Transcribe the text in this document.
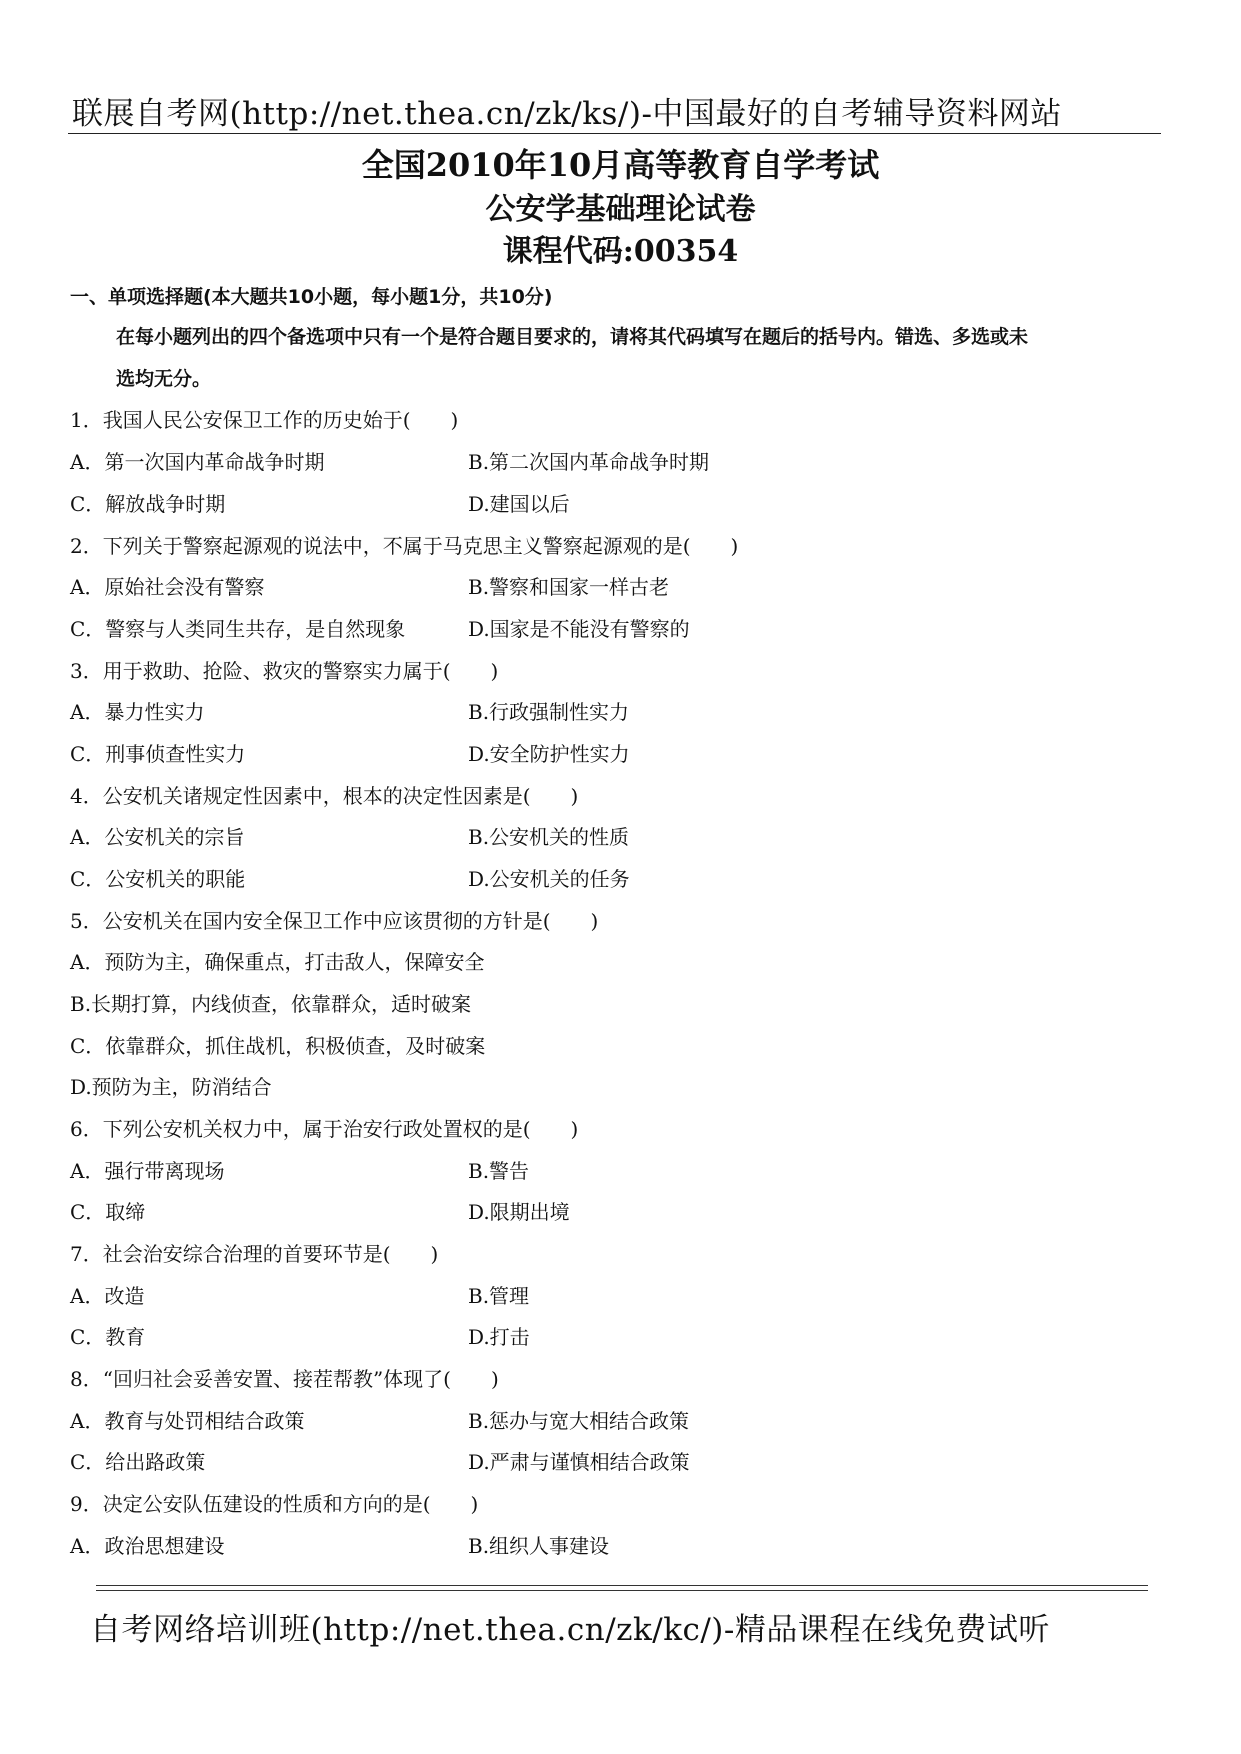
联展自考网(http://net.thea.cn/zk/ks/)-中国最好的自考辅导资料网站
全国2010年10月高等教育自学考试
公安学基础理论试卷
课程代码:00354
一、单项选择题(本大题共10小题，每小题1分，共10分)
在每小题列出的四个备选项中只有一个是符合题目要求的，请将其代码填写在题后的括号内。错选、多选或未
选均无分。
1．我国人民公安保卫工作的历史始于(　　)
A．第一次国内革命战争时期	B.第二次国内革命战争时期
C．解放战争时期	D.建国以后
2．下列关于警察起源观的说法中，不属于马克思主义警察起源观的是(　　)
A．原始社会没有警察	B.警察和国家一样古老
C．警察与人类同生共存，是自然现象	D.国家是不能没有警察的
3．用于救助、抢险、救灾的警察实力属于(　　)
A．暴力性实力	B.行政强制性实力
C．刑事侦查性实力	D.安全防护性实力
4．公安机关诸规定性因素中，根本的决定性因素是(　　)
A．公安机关的宗旨	B.公安机关的性质
C．公安机关的职能	D.公安机关的任务
5．公安机关在国内安全保卫工作中应该贯彻的方针是(　　)
A．预防为主，确保重点，打击敌人，保障安全
B.长期打算，内线侦查，依靠群众，适时破案
C．依靠群众，抓住战机，积极侦查，及时破案
D.预防为主，防消结合
6．下列公安机关权力中，属于治安行政处置权的是(　　)
A．强行带离现场	B.警告
C．取缔	D.限期出境
7．社会治安综合治理的首要环节是(　　)
A．改造	B.管理
C．教育	D.打击
8．“回归社会妥善安置、接茬帮教”体现了(　　)
A．教育与处罚相结合政策	B.惩办与宽大相结合政策
C．给出路政策	D.严肃与谨慎相结合政策
9．决定公安队伍建设的性质和方向的是(　　)
A．政治思想建设	B.组织人事建设
自考网络培训班(http://net.thea.cn/zk/kc/)-精品课程在线免费试听
